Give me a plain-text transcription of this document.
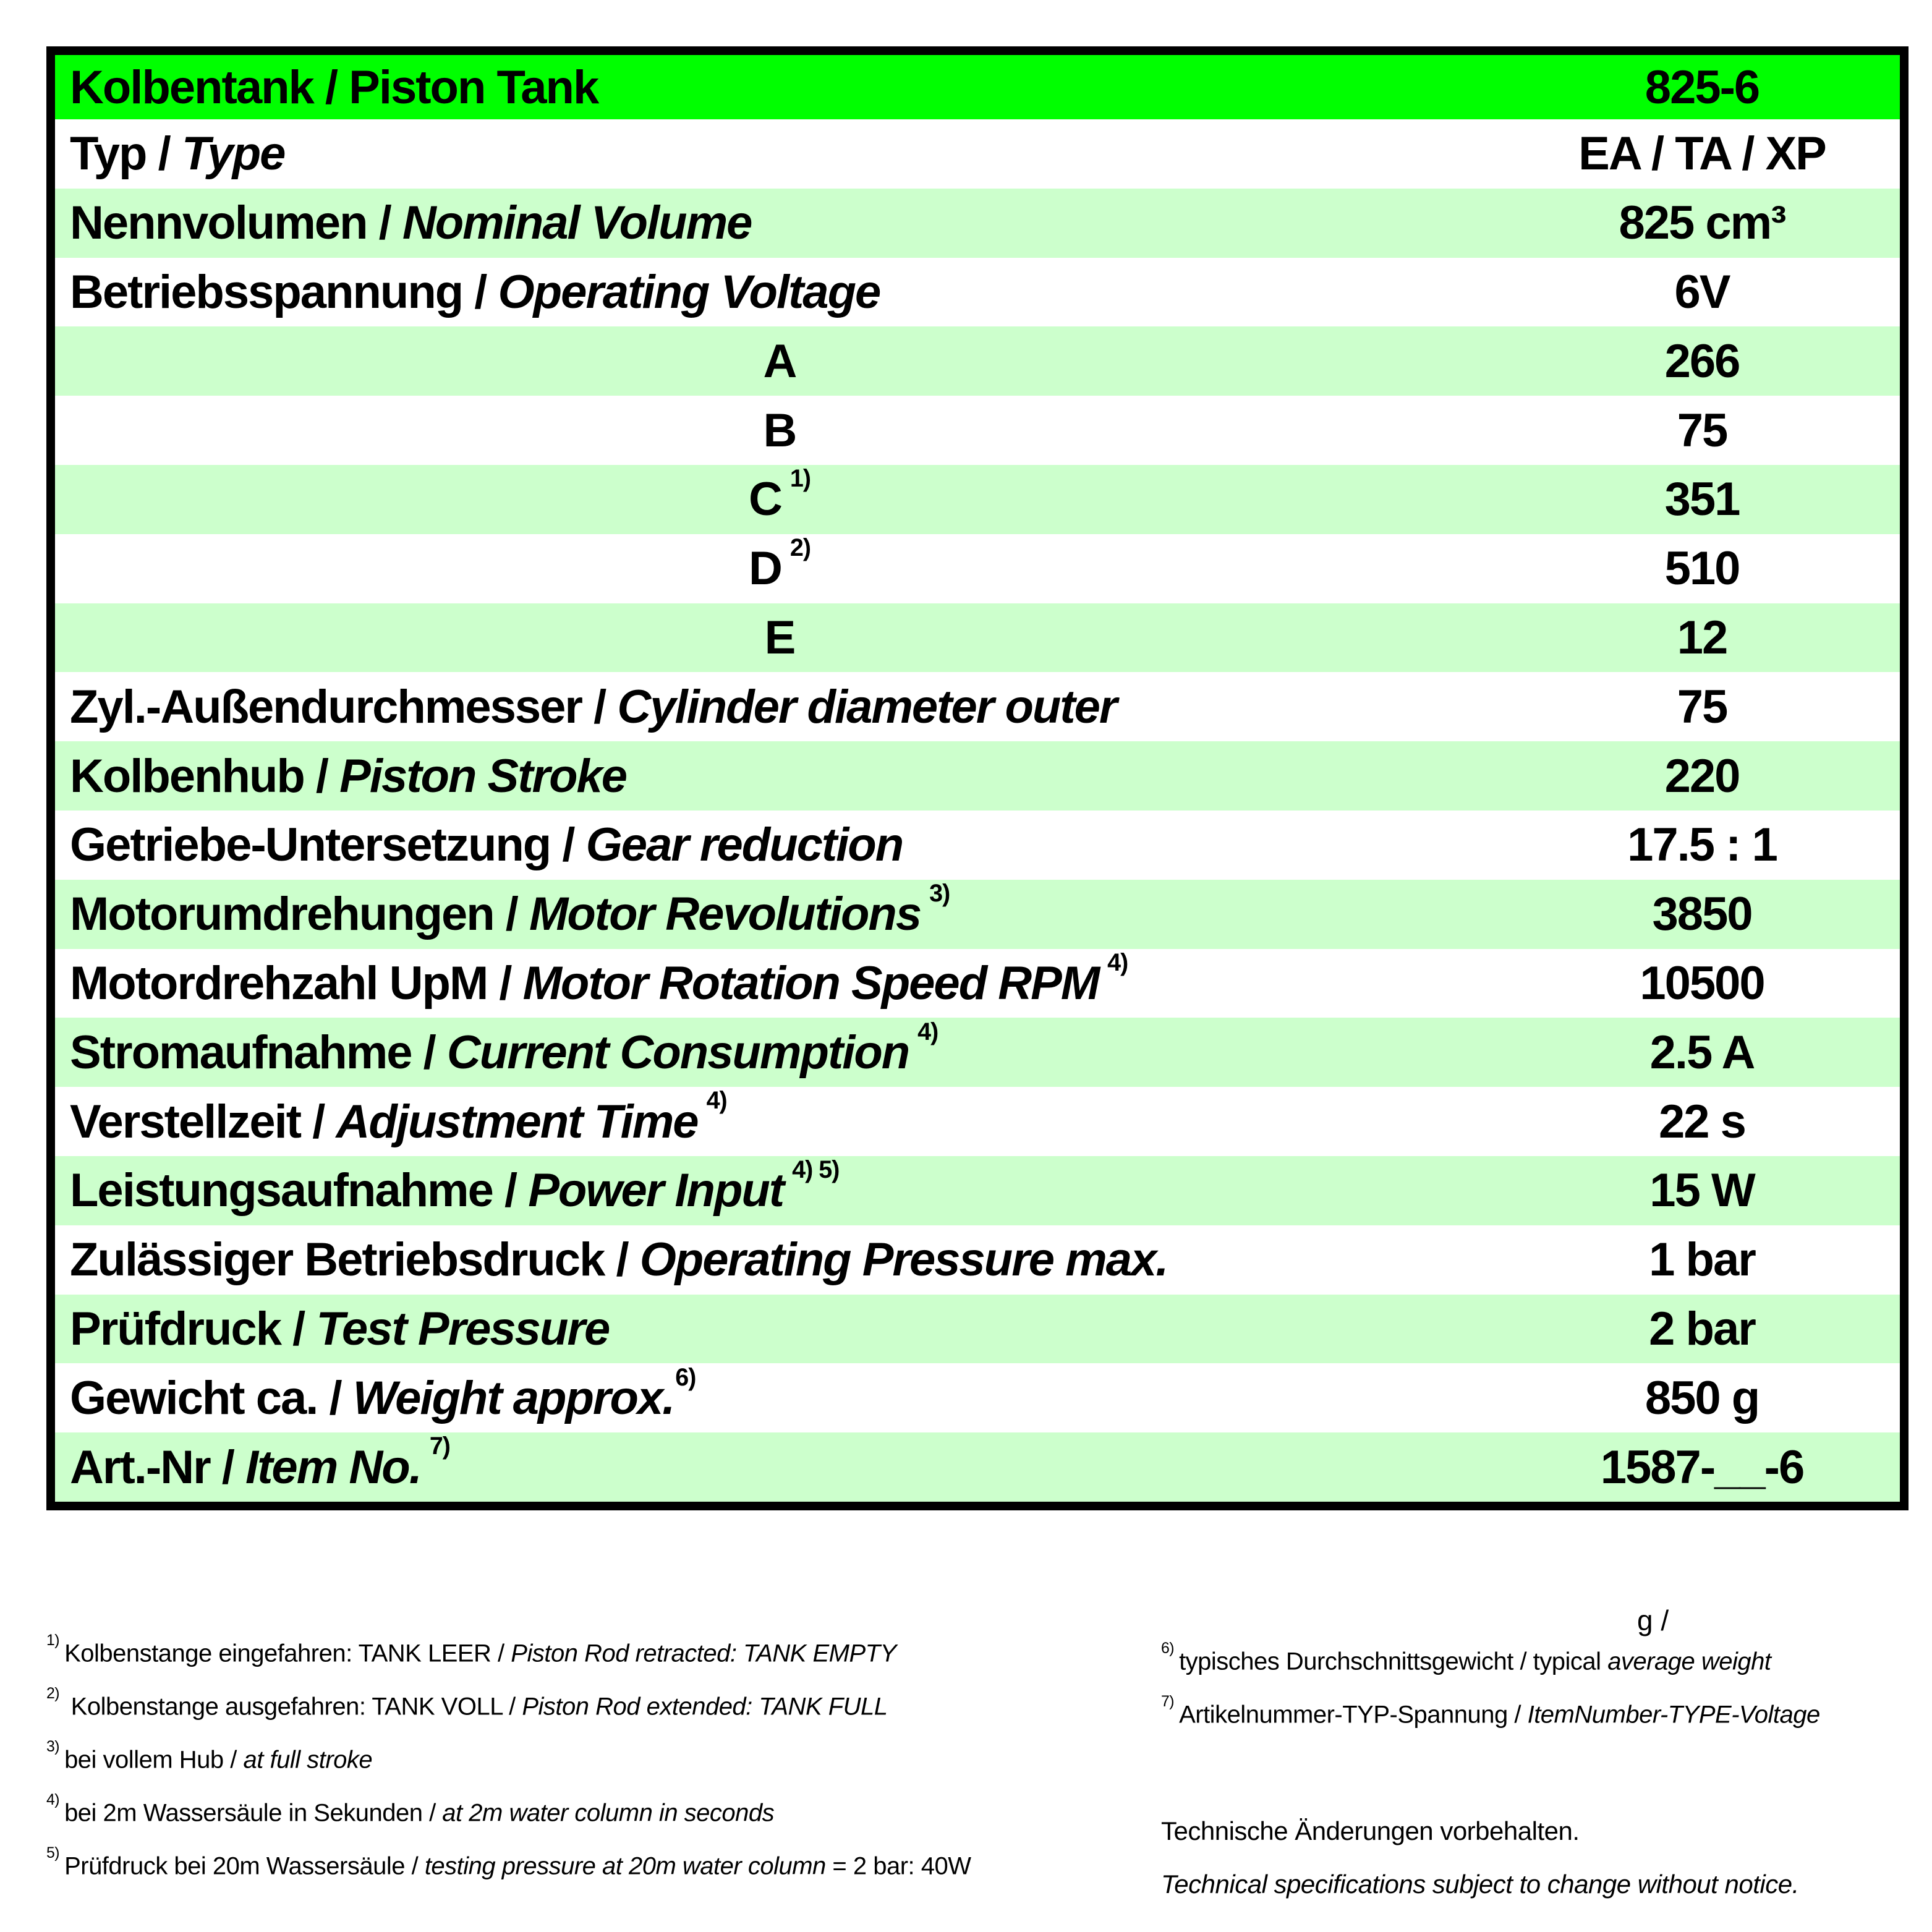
Kolbentank / Piston Tank	825-6
Typ / Type	EA / TA / XP
Nennvolumen / Nominal Volume	825 cm³
Betriebsspannung / Operating Voltage	6V
A	266
B	75
C $^{1)}$	351
D $^{2)}$	510
E	12
Zyl.-Außendurchmesser / Cylinder diameter outer	75
Kolbenhub / Piston Stroke	220
Getriebe-Untersetzung / Gear reduction	17.5 : 1
Motorumdrehungen / Motor Revolutions $^{3)}$	3850
Motordrehzahl UpM / Motor Rotation Speed RPM $^{4)}$	10500
Stromaufnahme / Current Consumption $^{4)}$	2.5 A
Verstellzeit / Adjustment Time $^{4)}$	22 s
Leistungsaufnahme / Power Input $^{4) 5)}$	15 W
Zulässiger Betriebsdruck / Operating Pressure max.	1 bar
Prüfdruck / Test Pressure	2 bar
Gewicht ca. / Weight approx.$^{6)}$	850 g
Art.-Nr / Item No. $^{7)}$	1587-__-6
$^{1)}$ Kolbenstange eingefahren: TANK LEER / Piston Rod retracted: TANK EMPTY
$^{2)}$ Kolbenstange ausgefahren: TANK VOLL / Piston Rod extended: TANK FULL
$^{3)}$ bei vollem Hub / at full stroke
$^{4)}$ bei 2m Wassersäule in Sekunden / at 2m water column in seconds
$^{5)}$ Prüfdruck bei 20m Wassersäule / testing pressure at 20m water column = 2 bar: 40W
$^{6)}$ typisches Durchschnittsgewicht / typical average weight
$^{7)}$ Artikelnummer-TYP-Spannung / ItemNumber-TYPE-Voltage
Technische Änderungen vorbehalten.
Technical specifications subject to change without notice.
g /
